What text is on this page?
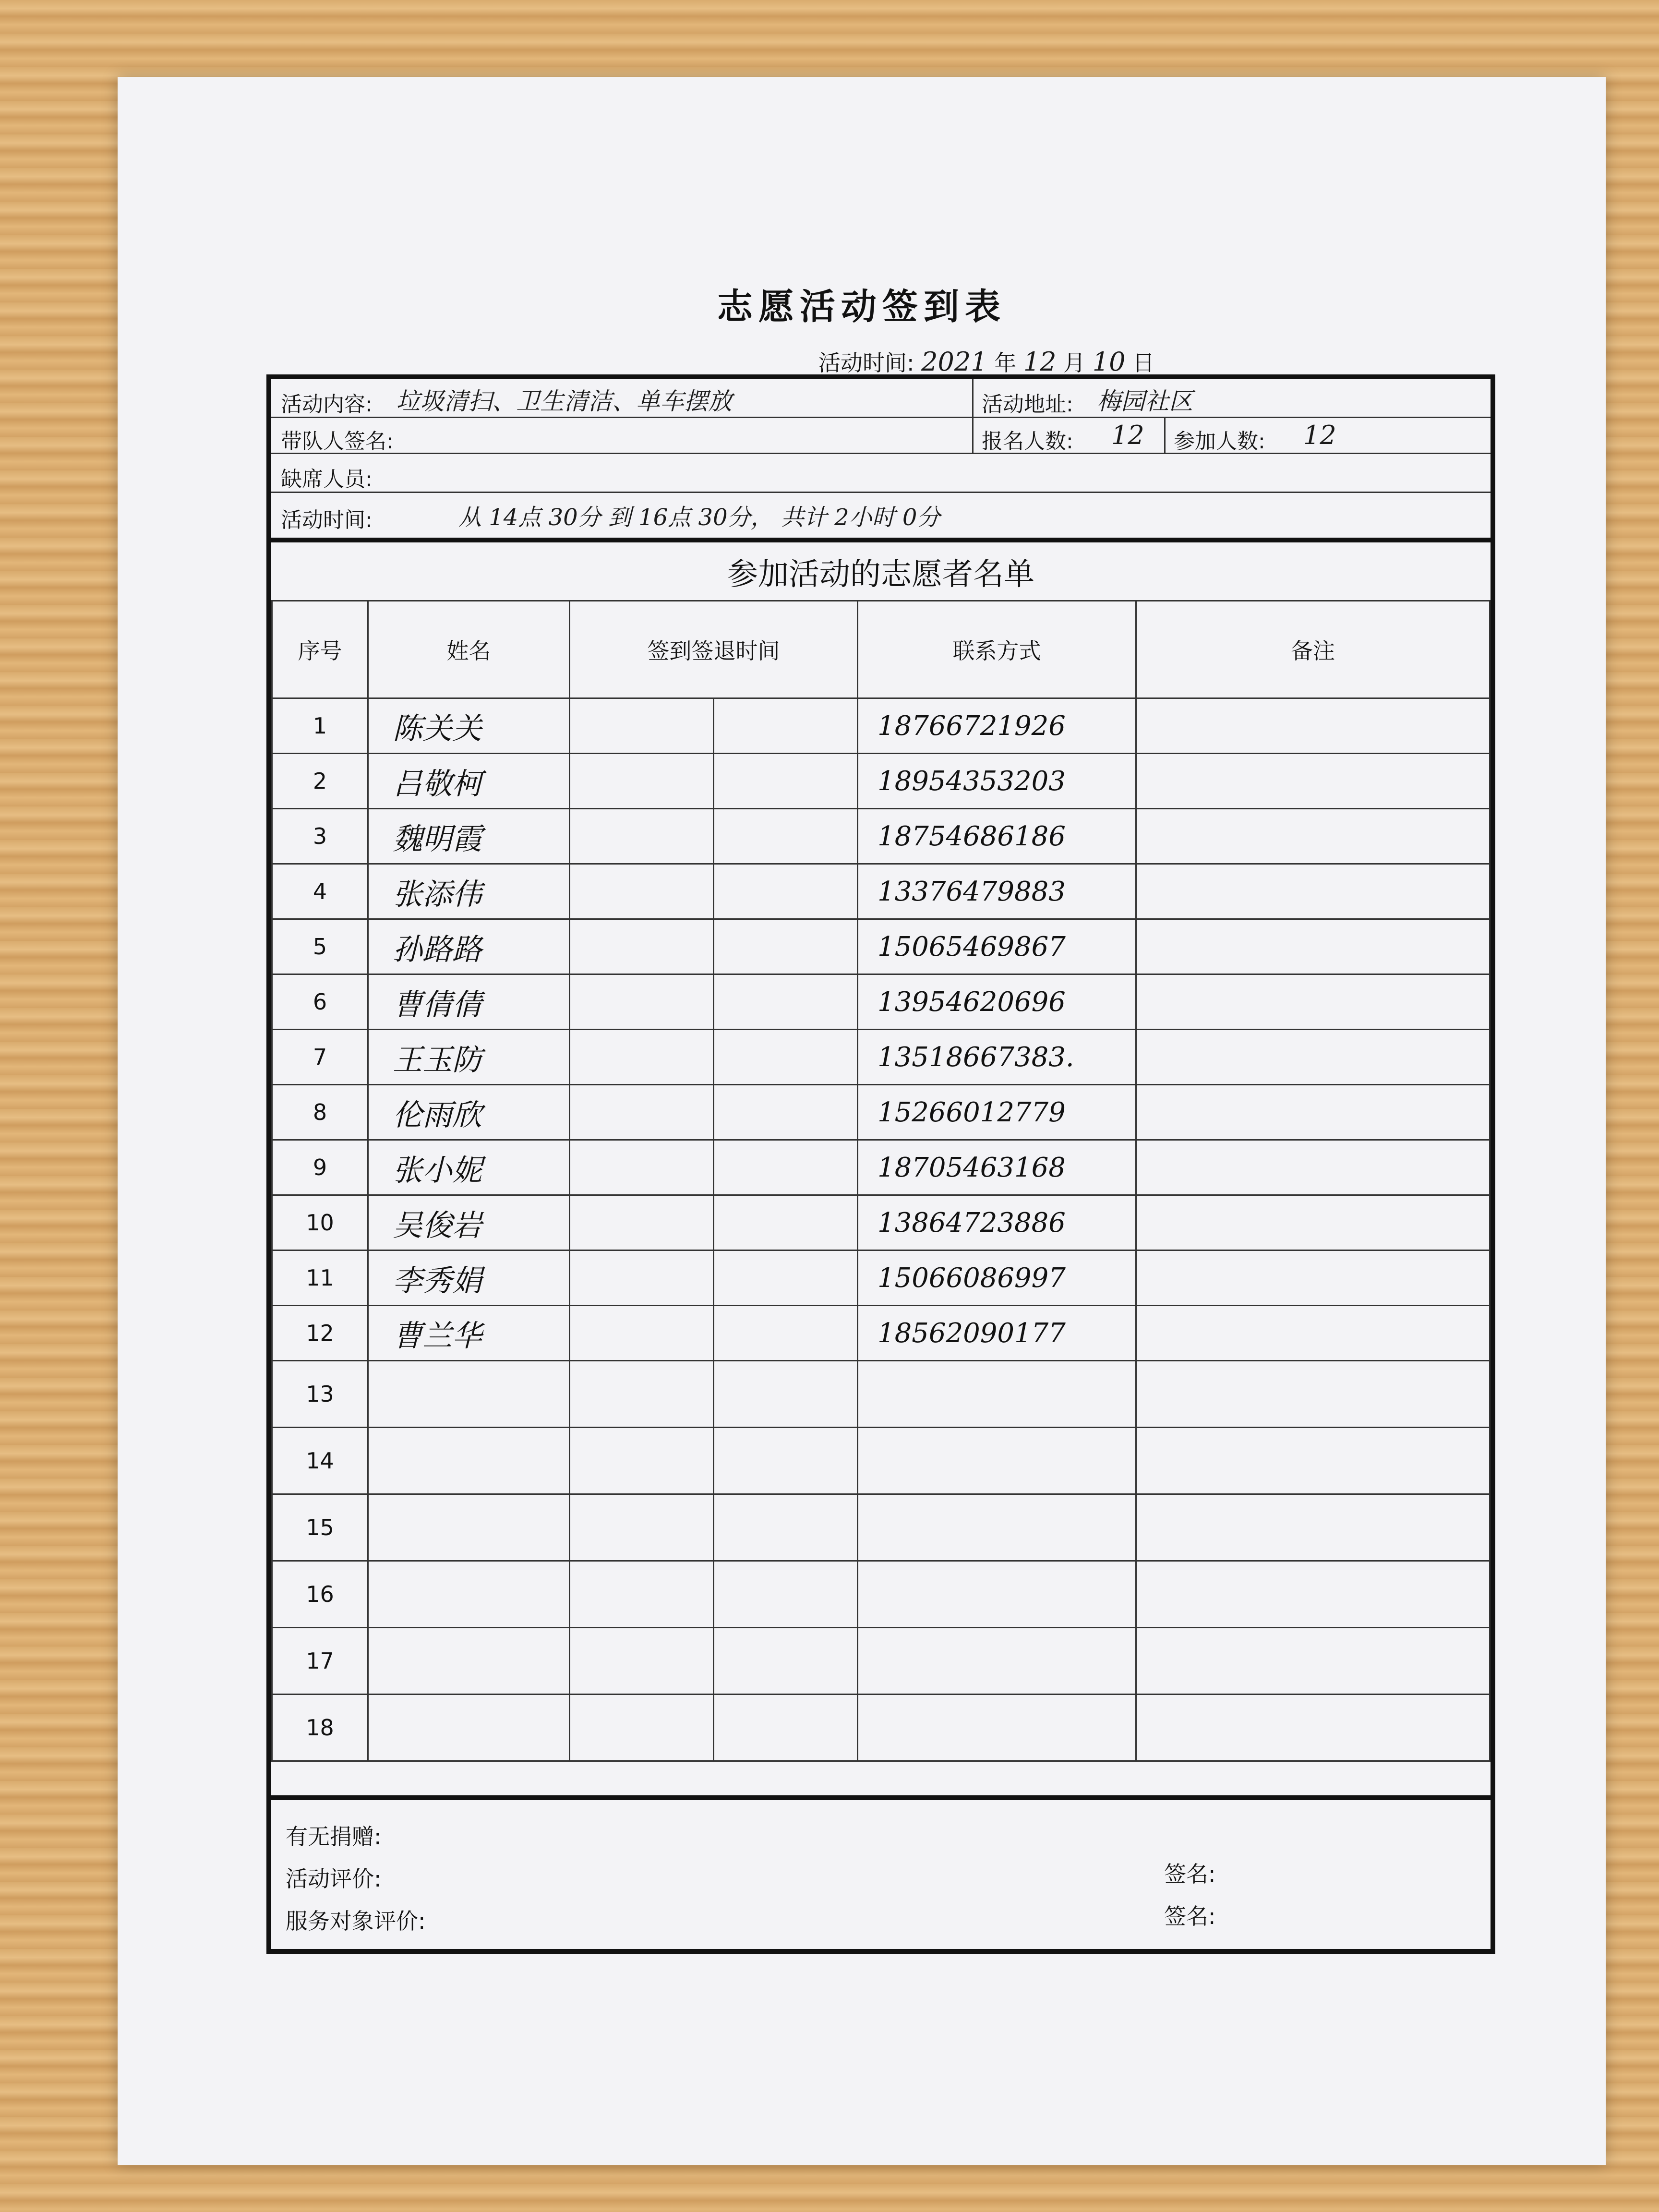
志愿活动签到表
活动时间: 2021 年 12 月 10 日
活动内容: 垃圾清扫、卫生清洁、单车摆放	活动地址: 梅园社区
带队人签名:	报名人数: 12 参加人数: 12
缺席人员:
活动时间:	从 14点 30分 到 16点 30分， 共计 2小时 0分
参加活动的志愿者名单
序号	姓名	签到签退时间		联系方式	备注
1	陈关关			18766721926	
2	吕敬柯			18954353203	
3	魏明霞			18754686186	
4	张添伟			13376479883	
5	孙路路			15065469867	
6	曹倩倩			13954620696	
7	王玉防			13518667383.	
8	伦雨欣			15266012779	
9	张小妮			18705463168	
10	吴俊岩			13864723886	
11	李秀娟			15066086997	
12	曹兰华			18562090177	
13					
14					
15					
16					
17					
18					
有无捐赠:
活动评价:
服务对象评价:
签名:
签名:
